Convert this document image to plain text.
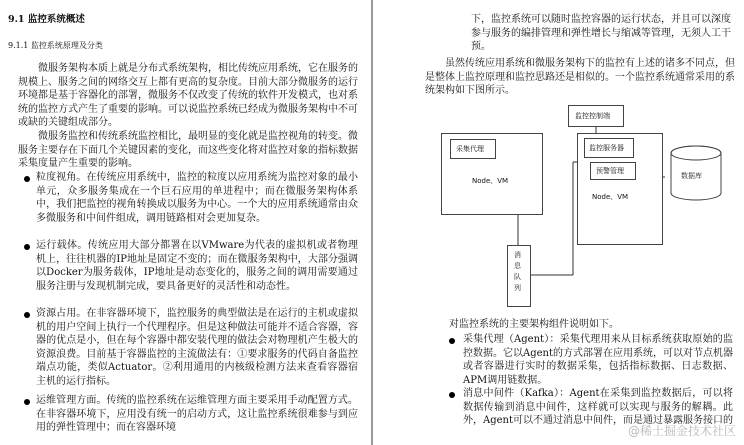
9.1 监控系统概述
9.1.1 监控系统原理及分类

微服务架构本质上就是分布式系统架构，相比传统应用系统，它在服务的规模上、服务之间的网络交互上都有更高的复杂度。目前大部分微服务的运行环境都是基于容器化的部署，微服务不仅改变了传统的软件开发模式，也对系统的监控方式产生了重要的影响。可以说监控系统已经成为微服务架构中不可或缺的关键组成部分。

微服务监控和传统系统监控相比，最明显的变化就是监控视角的转变。微服务主要存在下面几个关键因素的变化，而这些变化将对监控对象的指标数据采集度量产生重要的影响。

粒度视角。在传统应用系统中，监控的粒度以应用系统为监控对象的最小单元，众多服务集成在一个巨石应用的单进程中；而在微服务架构体系中，我们把监控的视角转换成以服务为中心。一个大的应用系统通常由众多微服务和中间件组成，调用链路相对会更加复杂。

运行载体。传统应用大部分都署在以VMware为代表的虚拟机或者物理机上，往往机器的IP地址是固定不变的；而在微服务架构中，大部分强调以Docker为服务载体，IP地址是动态变化的，服务之间的调用需要通过服务注册与发现机制完成，要具备更好的灵活性和动态性。

资源占用。在非容器环境下，监控服务的典型做法是在运行的主机或虚拟机的用户空间上执行一个代理程序。但是这种做法可能并不适合容器，容器的优点是小，但在每个容器中都安装代理的做法会对物理机产生极大的资源浪费。目前基于容器监控的主流做法有：①要求服务的代码自备监控端点功能，类似Actuator。②利用通用的内核级检测方法来查看容器宿主机的运行指标。

运维管理方面。传统的监控系统在运维管理方面主要采用手动配置方式。在非容器环境下，应用没有统一的启动方式，这让监控系统很难参与到应用的弹性管理中；而在容器环境

下，监控系统可以随时监控容器的运行状态，并且可以深度参与服务的编排管理和弹性增长与缩减等管理，无须人工干预。

虽然传统应用系统和微服务架构下的监控有上述的诸多不同点，但是整体上监控原理和监控思路还是相似的。一个监控系统通常采用的系统架构如下图所示。

监控控制端
采集代理
Node、VM
监控服务器
预警管理
Node、VM
数据库
消息队列

对监控系统的主要架构组件说明如下。

采集代理（Agent）：采集代理用来从目标系统获取原始的监控数据。它以Agent的方式部署在应用系统，可以对节点机器或者容器进行实时的数据采集，包括指标数据、日志数据、APM调用链数据。

消息中间件（Kafka）：Agent在采集到监控数据后，可以将数据传输到消息中间件，这样就可以实现与服务的解耦。此外，Agent可以不通过消息中间件，而是通过暴露服务接口的

@稀土掘金技术社区
